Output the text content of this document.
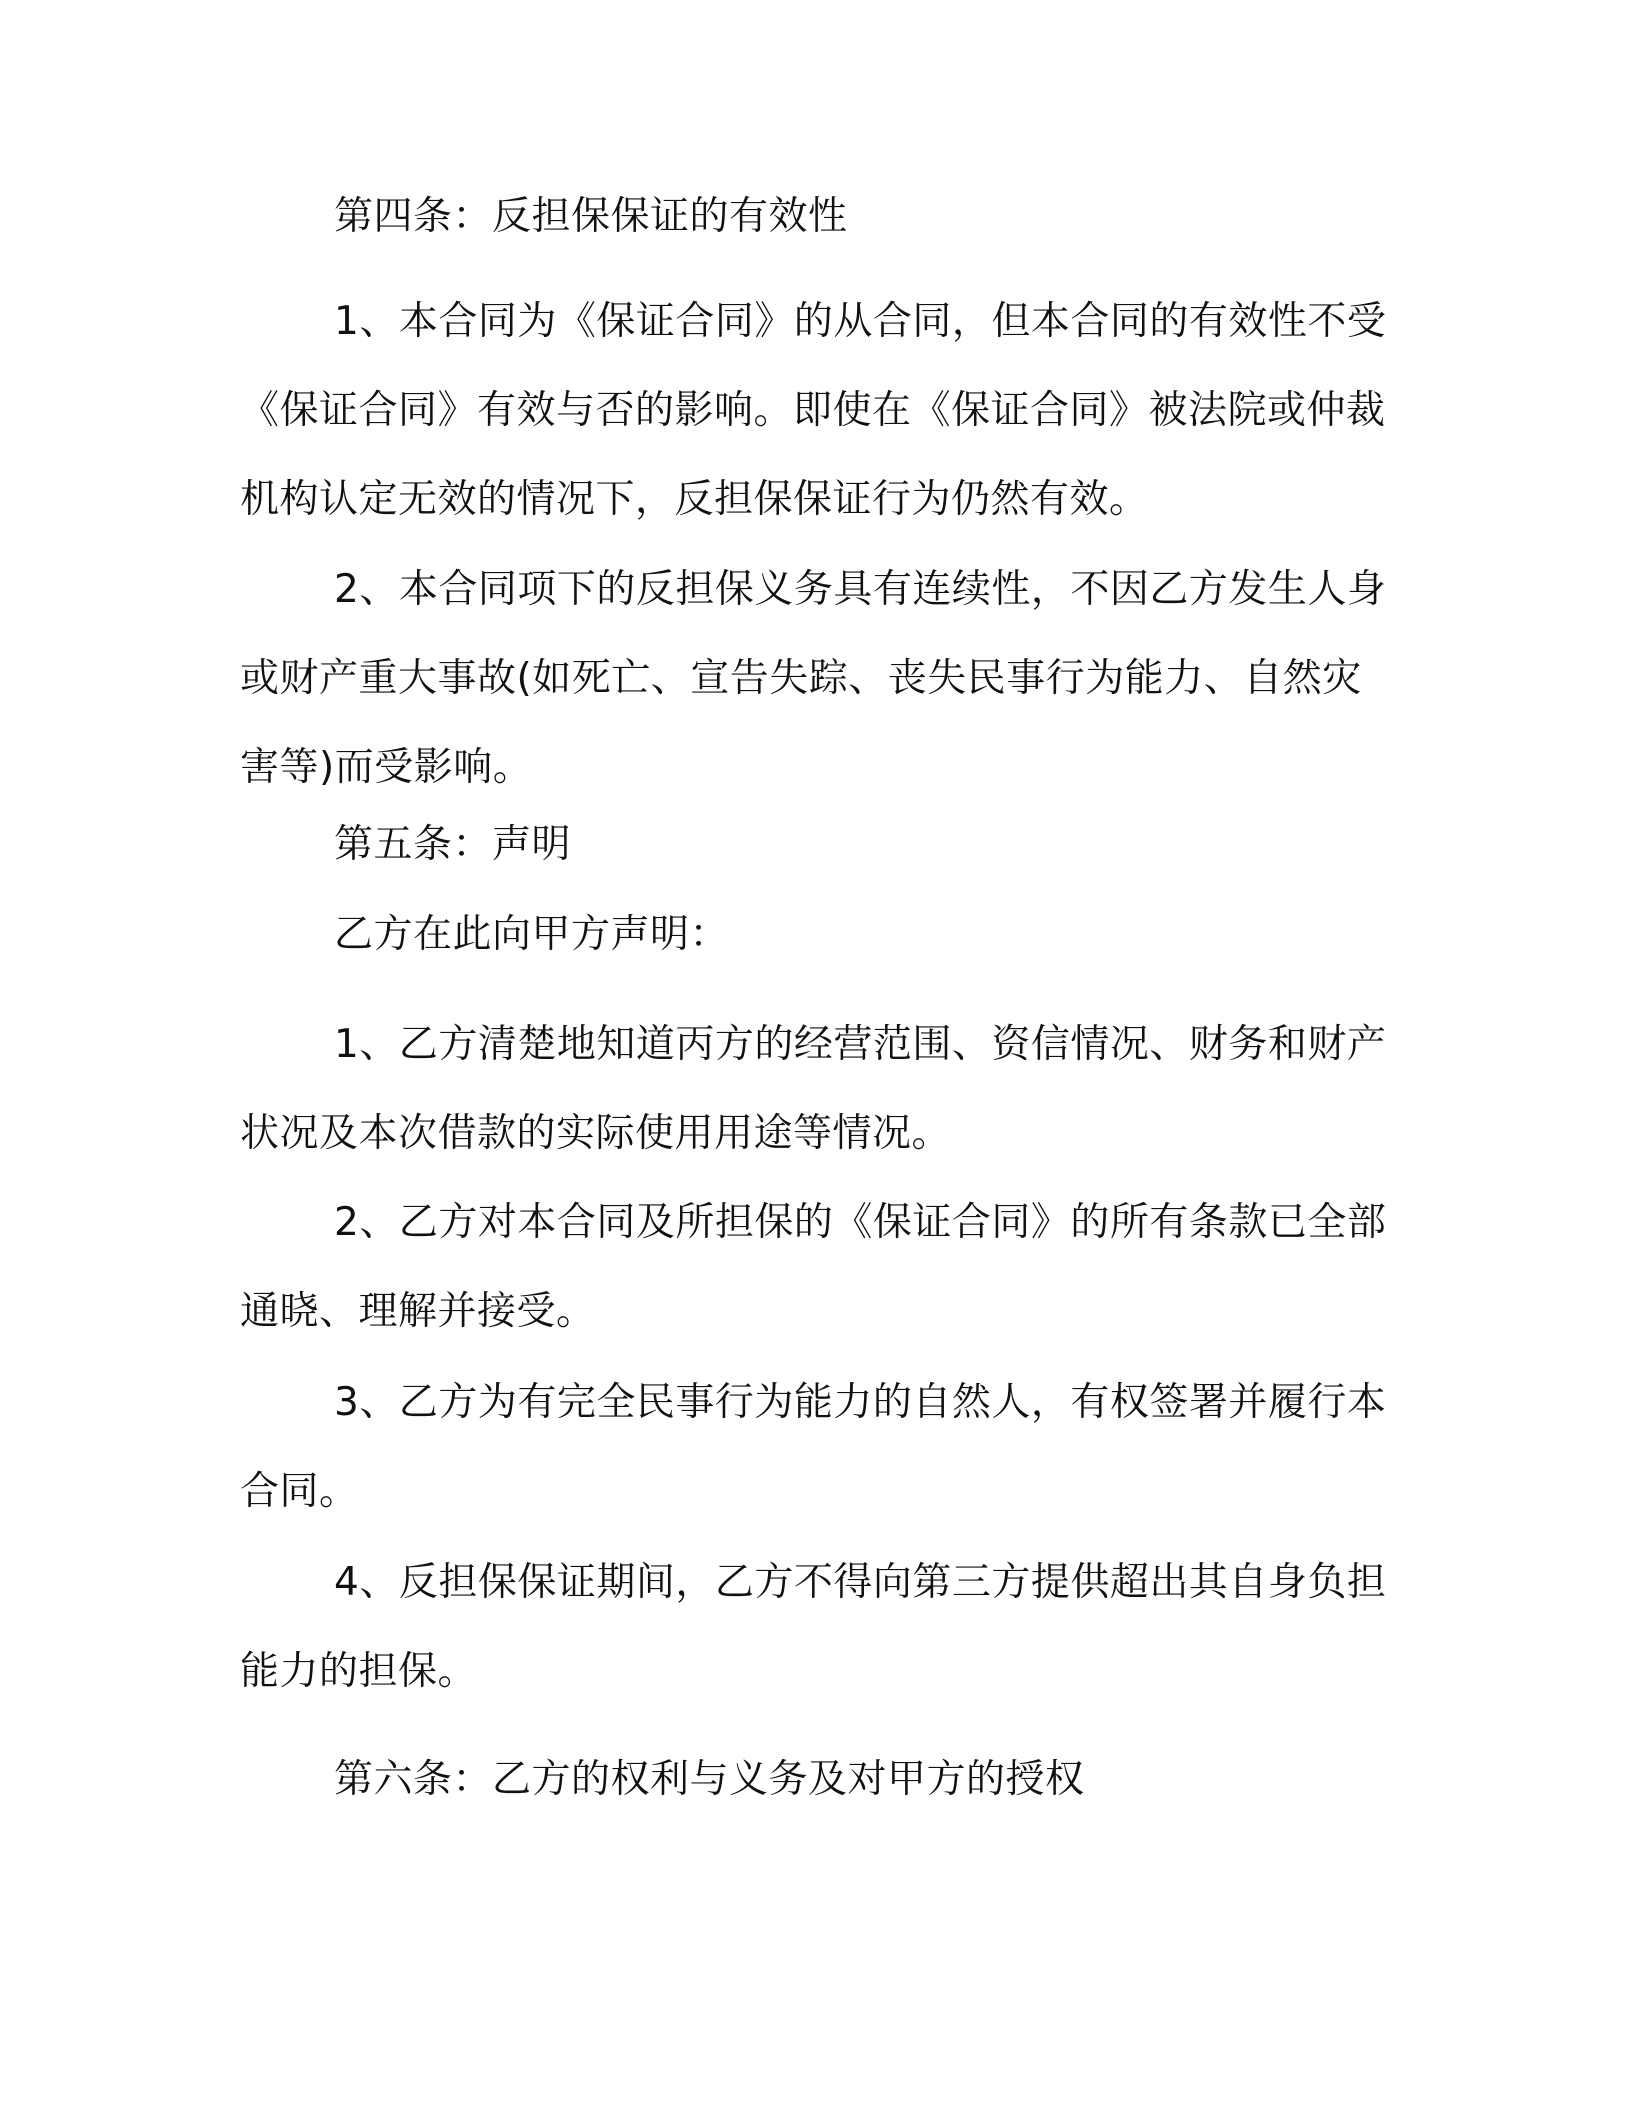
第四条：反担保保证的有效性

1、本合同为《保证合同》的从合同，但本合同的有效性不受《保证合同》有效与否的影响。即使在《保证合同》被法院或仲裁机构认定无效的情况下，反担保保证行为仍然有效。

2、本合同项下的反担保义务具有连续性，不因乙方发生人身或财产重大事故(如死亡、宣告失踪、丧失民事行为能力、自然灾害等)而受影响。

第五条：声明

乙方在此向甲方声明：

1、乙方清楚地知道丙方的经营范围、资信情况、财务和财产状况及本次借款的实际使用用途等情况。

2、乙方对本合同及所担保的《保证合同》的所有条款已全部通晓、理解并接受。

3、乙方为有完全民事行为能力的自然人，有权签署并履行本合同。

4、反担保保证期间，乙方不得向第三方提供超出其自身负担能力的担保。

第六条：乙方的权利与义务及对甲方的授权
